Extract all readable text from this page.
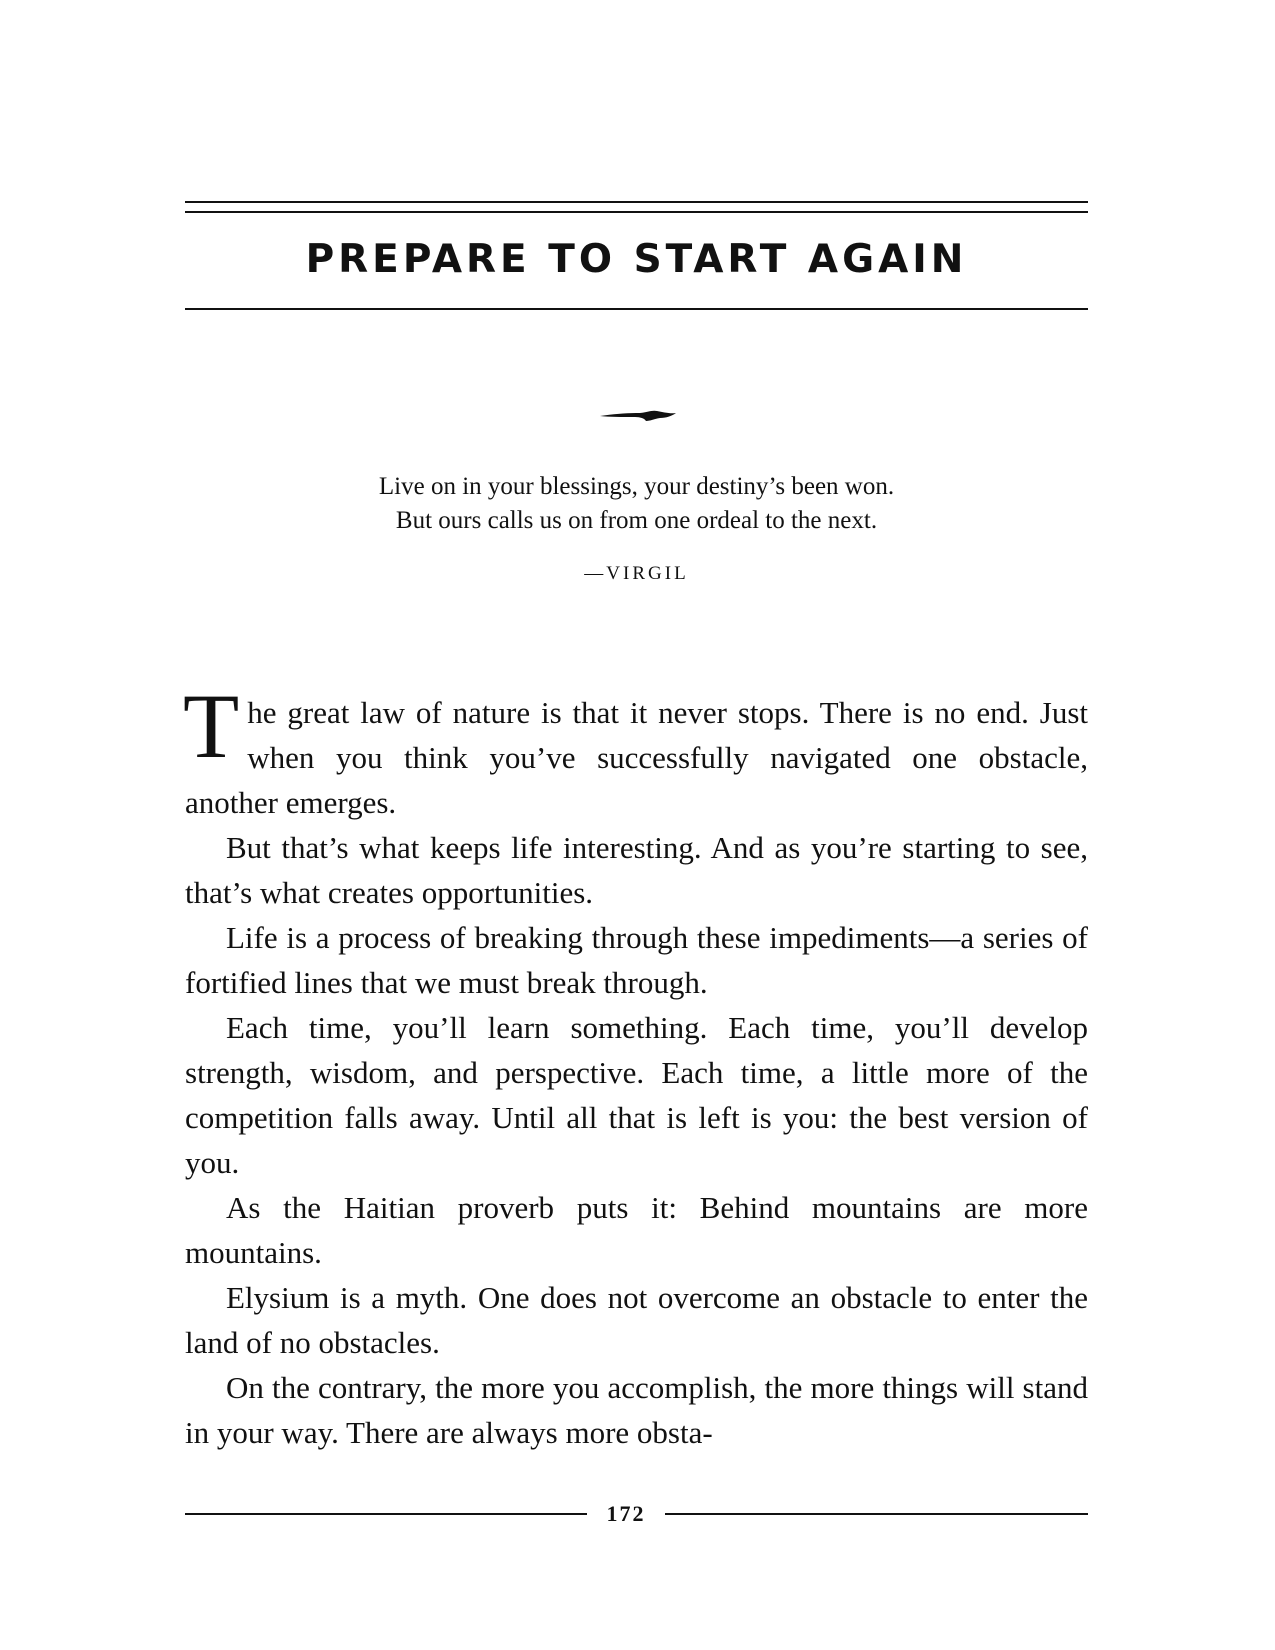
PREPARE TO START AGAIN
Live on in your blessings, your destiny’s been won.
But ours calls us on from one ordeal to the next.
—VIRGIL

The great law of nature is that it never stops. There is no end. Just when you think you’ve successfully navigated one obstacle, another emerges.

But that’s what keeps life interesting. And as you’re starting to see, that’s what creates opportunities.

Life is a process of breaking through these impediments—a series of fortified lines that we must break through.

Each time, you’ll learn something. Each time, you’ll develop strength, wisdom, and perspective. Each time, a little more of the competition falls away. Until all that is left is you: the best version of you.

As the Haitian proverb puts it: Behind mountains are more mountains.

Elysium is a myth. One does not overcome an obstacle to enter the land of no obstacles.

On the contrary, the more you accomplish, the more things will stand in your way. There are always more obsta-

172
